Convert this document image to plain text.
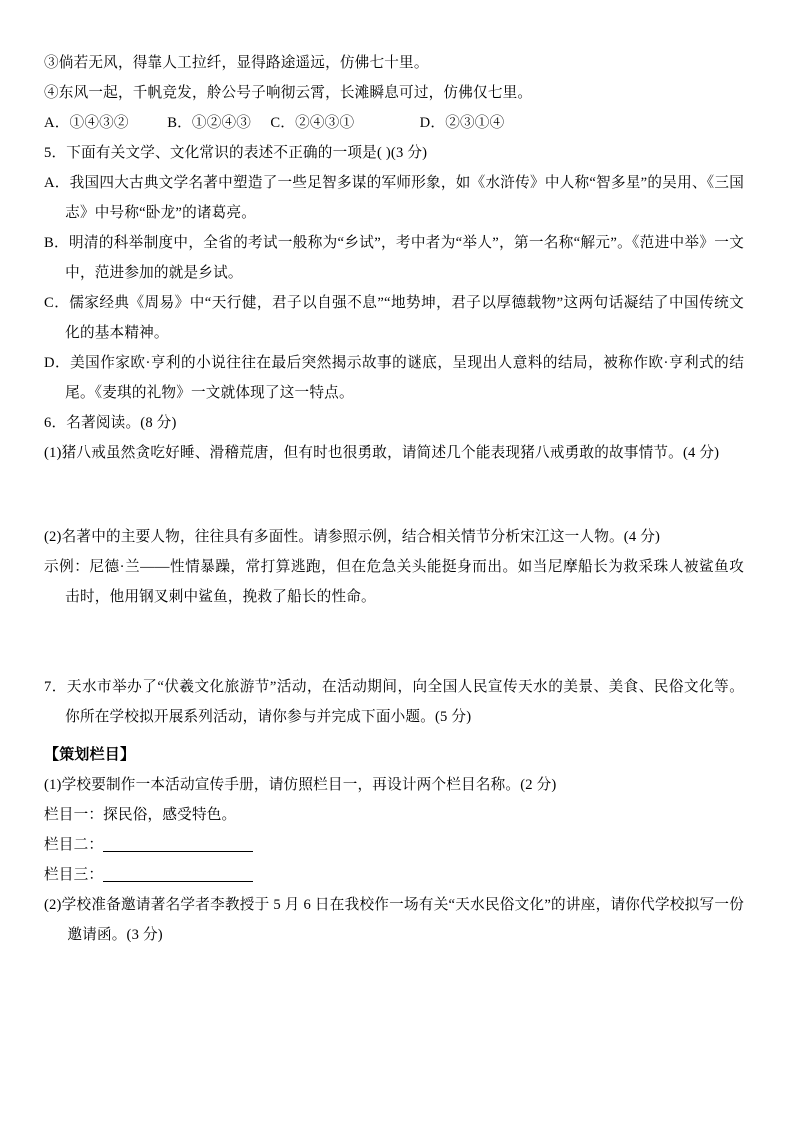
③倘若无风，得靠人工拉纤，显得路途遥远，仿佛七十里。

④东风一起，千帆竞发，舲公号子响彻云霄，长滩瞬息可过，仿佛仅七里。

A．①④③②          B．①②④③     C．②④③①                 D．②③①④

5．下面有关文学、文化常识的表述不正确的一项是( )(3 分)

A．我国四大古典文学名著中塑造了一些足智多谋的军师形象，如《水浒传》中人称“智多星”的吴用、《三国志》中号称“卧龙”的诸葛亮。

B．明清的科举制度中，全省的考试一般称为“乡试”，考中者为“举人”，第一名称“解元”。《范进中举》一文中，范进参加的就是乡试。

C．儒家经典《周易》中“天行健，君子以自强不息”“地势坤，君子以厚德载物”这两句话凝结了中国传统文化的基本精神。

D．美国作家欧·亨利的小说往往在最后突然揭示故事的谜底，呈现出人意料的结局，被称作欧·亨利式的结尾。《麦琪的礼物》一文就体现了这一特点。

6．名著阅读。(8 分)

(1)猪八戒虽然贪吃好睡、滑稽荒唐，但有时也很勇敢，请简述几个能表现猪八戒勇敢的故事情节。(4 分)

(2)名著中的主要人物，往往具有多面性。请参照示例，结合相关情节分析宋江这一人物。(4 分)

示例：尼德·兰——性情暴躁，常打算逃跑，但在危急关头能挺身而出。如当尼摩船长为救采珠人被鲨鱼攻击时，他用钢叉刺中鲨鱼，挽救了船长的性命。

7．天水市举办了“伏羲文化旅游节”活动，在活动期间，向全国人民宣传天水的美景、美食、民俗文化等。你所在学校拟开展系列活动，请你参与并完成下面小题。(5 分)

【策划栏目】

(1)学校要制作一本活动宣传手册，请仿照栏目一，再设计两个栏目名称。(2 分)

栏目一：探民俗，感受特色。

栏目二：

栏目三：

(2)学校准备邀请著名学者李教授于 5 月 6 日在我校作一场有关“天水民俗文化”的讲座，请你代学校拟写一份邀请函。(3 分)
